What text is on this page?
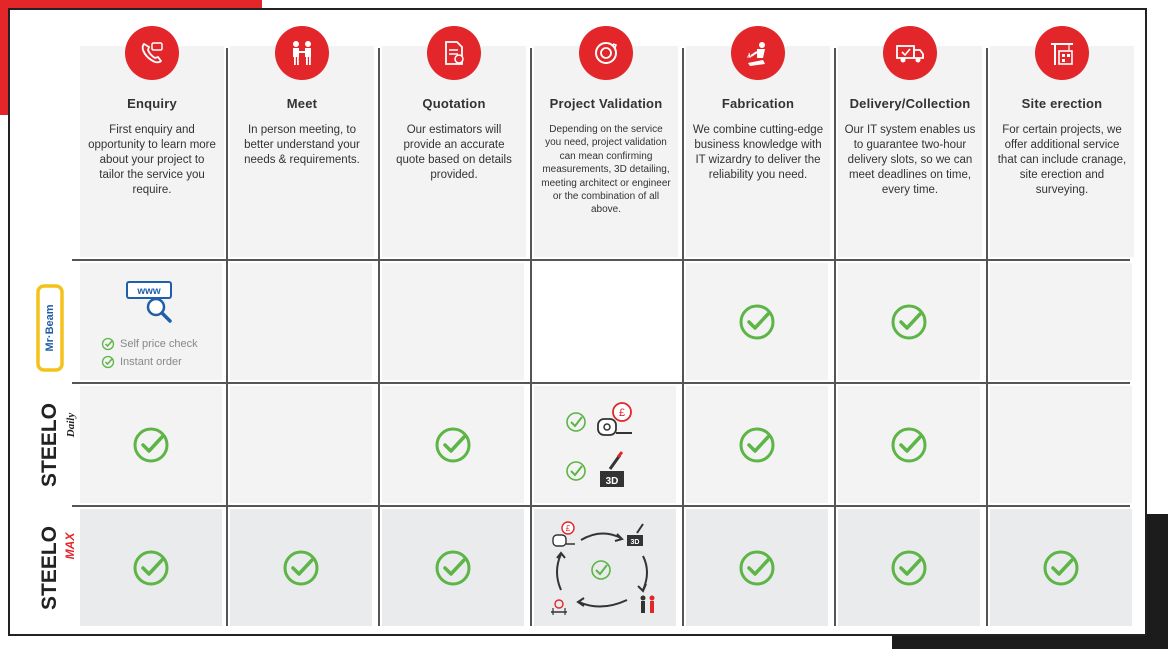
Enquiry

First enquiry and opportunity to learn more about your project to tailor the service you require.

Meet

In person meeting, to better understand your needs & requirements.

Quotation

Our estimators will provide an accurate quote based on details provided.

Project Validation

Depending on the service you need, project validation can mean confirming measurements, 3D detailing, meeting architect or engineer or the combination of all above.

Fabrication

We combine cutting-edge business knowledge with IT wizardry to deliver the reliability you need.

Delivery/Collection

Our IT system enables us to guarantee two-hour delivery slots, so we can meet deadlines on time, every time.

Site erection

For certain projects, we offer additional service that can include cranage, site erection and surveying.

www
Self price check
Instant order
£
3D
£
3D
Mr·Beam
STEELO Daily
STEELO MAX
